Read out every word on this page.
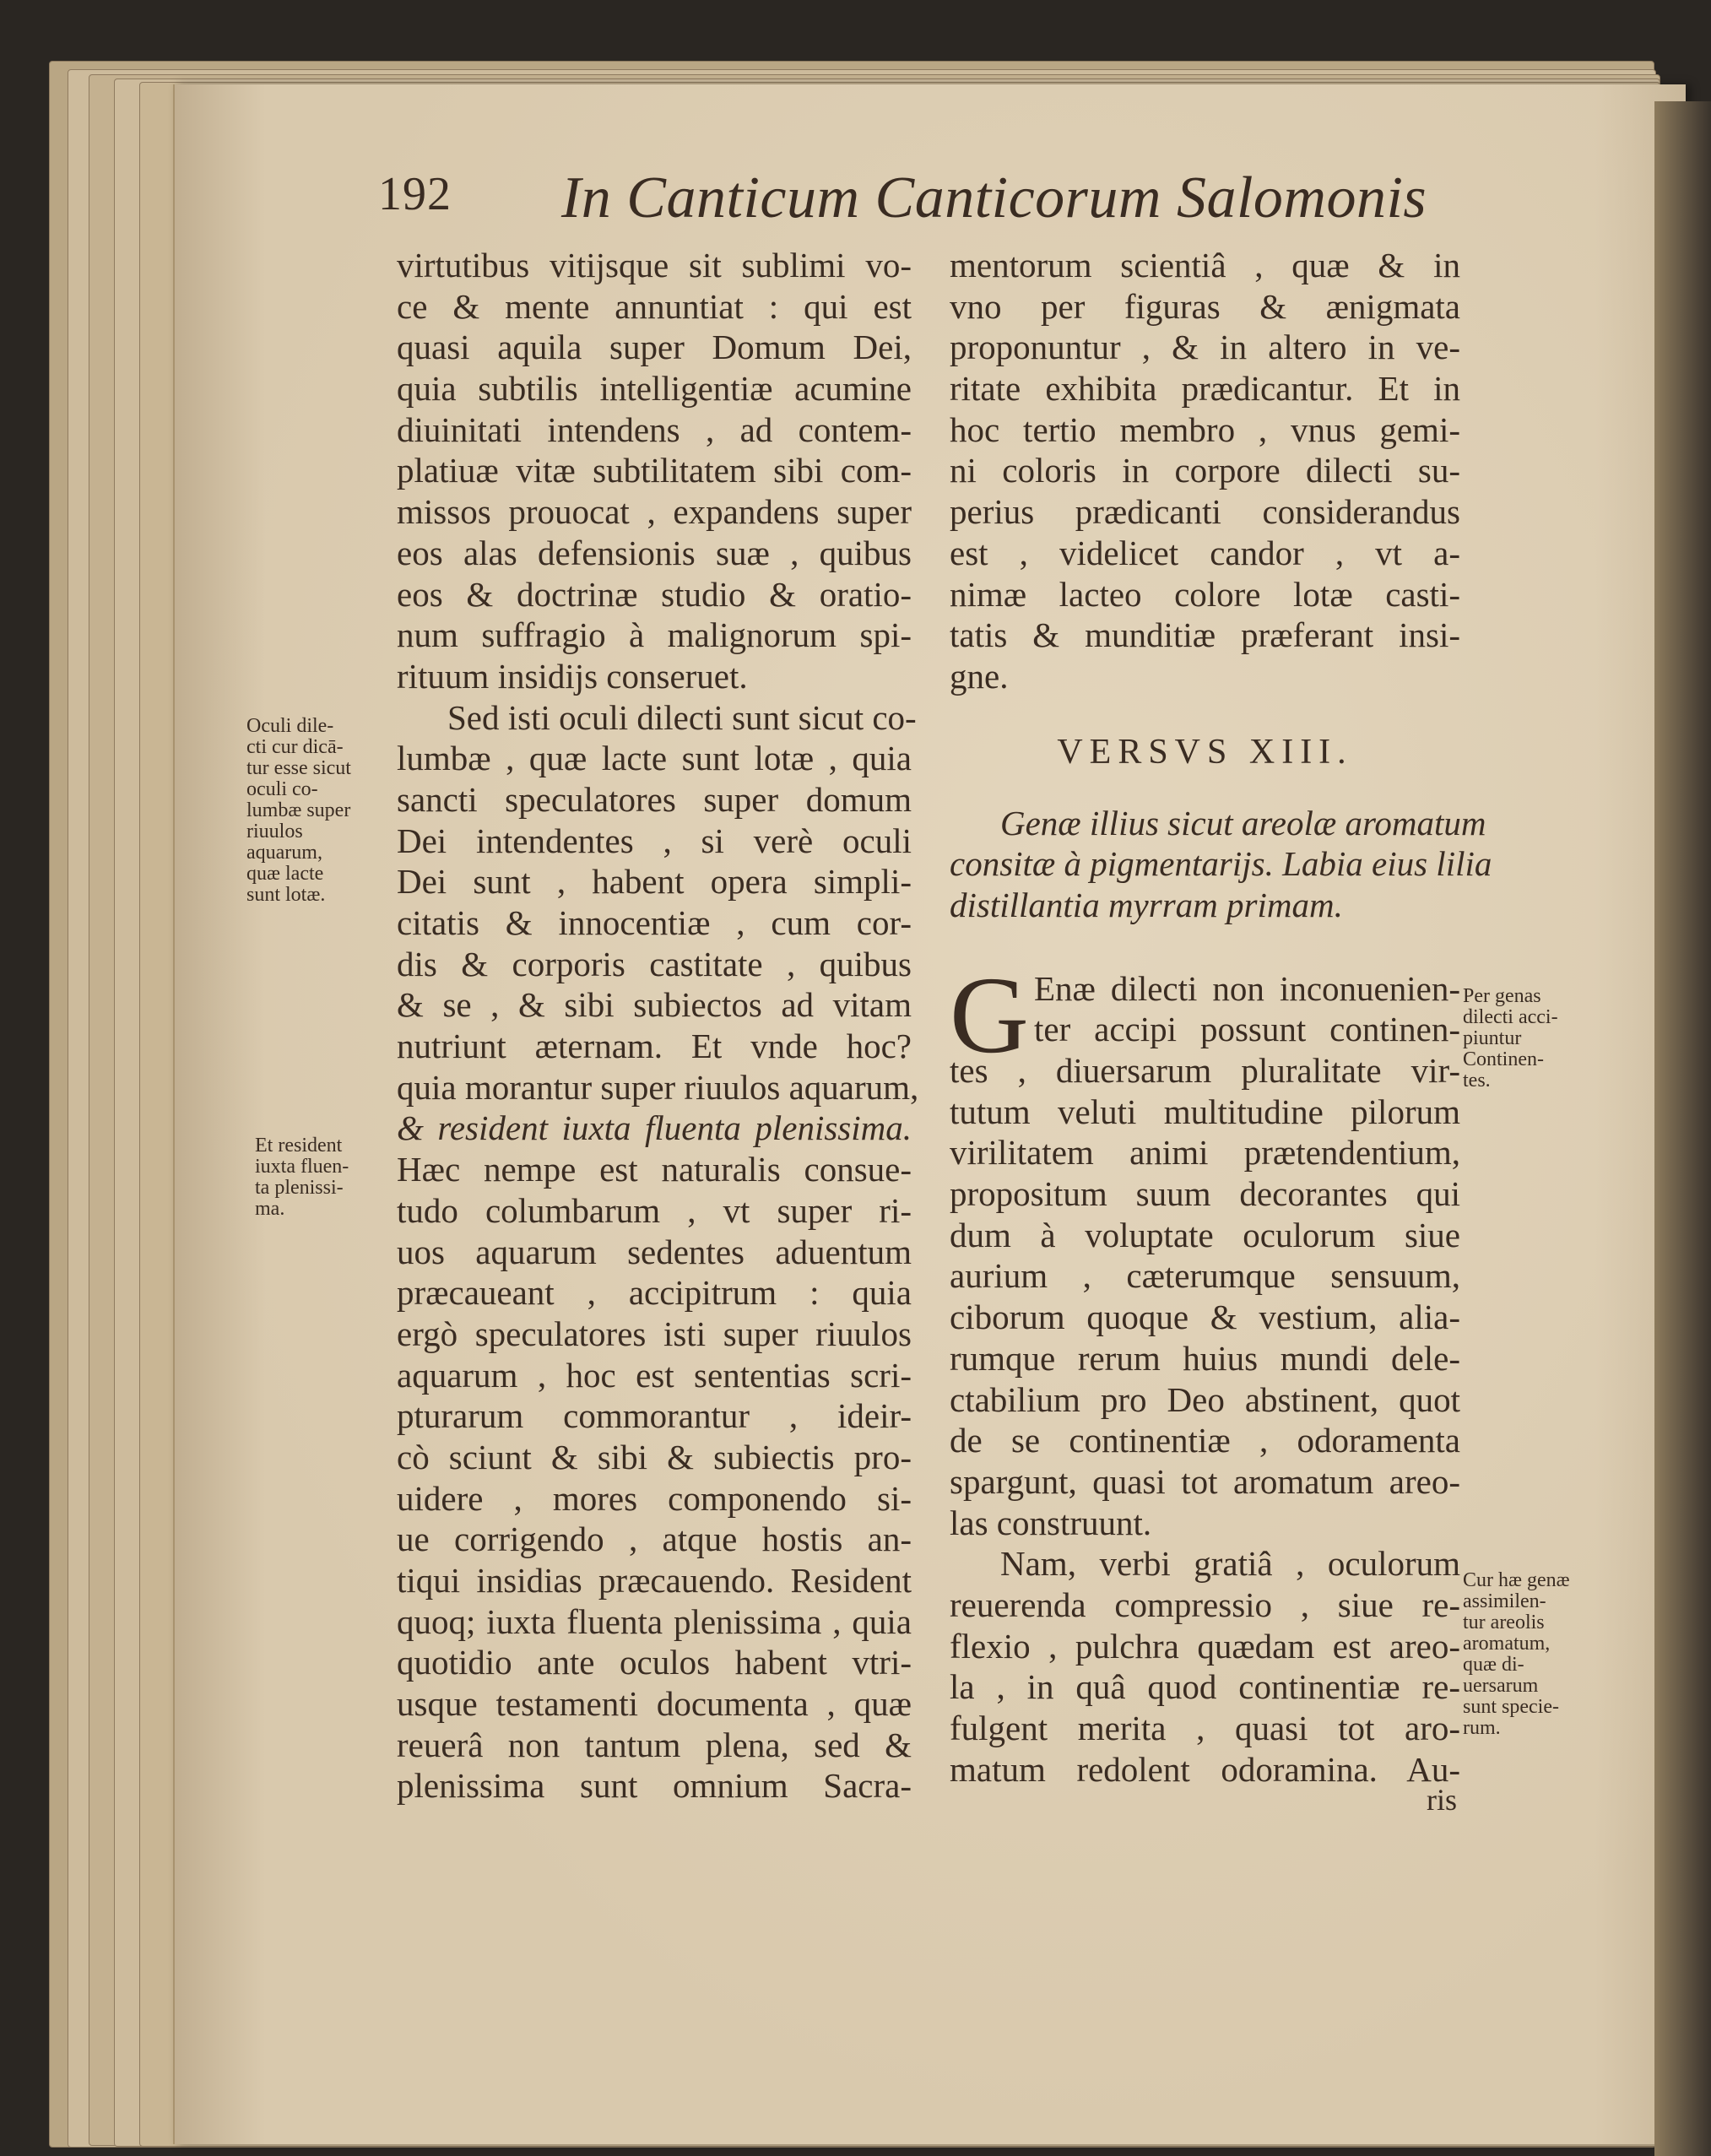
192 In Canticum Canticorum Salomonis
virtutibus vitijsque sit sublimi vo-
ce & mente annuntiat : qui est
quasi aquila super Domum Dei,
quia subtilis intelligentiæ acumine
diuinitati intendens , ad contem-
platiuæ vitæ subtilitatem sibi com-
missos prouocat , expandens super
eos alas defensionis suæ , quibus
eos & doctrinæ studio & oratio-
num suffragio à malignorum spi-
rituum insidijs conseruet.
Sed isti oculi dilecti sunt sicut co-
lumbæ , quæ lacte sunt lotæ , quia
sancti speculatores super domum
Dei intendentes , si verè oculi
Dei sunt , habent opera simpli-
citatis & innocentiæ , cum cor-
dis & corporis castitate , quibus
& se , & sibi subiectos ad vitam
nutriunt æternam. Et vnde hoc?
quia morantur super riuulos aquarum,
& resident iuxta fluenta plenissima.
Hæc nempe est naturalis consue-
tudo columbarum , vt super ri-
uos aquarum sedentes aduentum
præcaueant , accipitrum : quia
ergò speculatores isti super riuulos
aquarum , hoc est sententias scri-
pturarum commorantur , ideir-
cò sciunt & sibi & subiectis pro-
uidere , mores componendo si-
ue corrigendo , atque hostis an-
tiqui insidias præcauendo. Resident
quoq; iuxta fluenta plenissima , quia
quotidio ante oculos habent vtri-
usque testamenti documenta , quæ
reuerâ non tantum plena, sed &
plenissima sunt omnium Sacra-
mentorum scientiâ , quæ & in
vno per figuras & ænigmata
proponuntur , & in altero in ve-
ritate exhibita prædicantur. Et in
hoc tertio membro , vnus gemi-
ni coloris in corpore dilecti su-
perius prædicanti considerandus
est , videlicet candor , vt a-
nimæ lacteo colore lotæ casti-
tatis & munditiæ præferant insi-
gne.
VERSVS XIII.
Genæ illius sicut areolæ aromatum
consitæ à pigmentarijs. Labia eius lilia
distillantia myrram primam.
G Enæ dilecti non inconuenien-
ter accipi possunt continen-
tes , diuersarum pluralitate vir-
tutum veluti multitudine pilorum
virilitatem animi prætendentium,
propositum suum decorantes qui
dum à voluptate oculorum siue
aurium , cæterumque sensuum,
ciborum quoque & vestium, alia-
rumque rerum huius mundi dele-
ctabilium pro Deo abstinent, quot
de se continentiæ , odoramenta
spargunt, quasi tot aromatum areo-
las construunt.
Nam, verbi gratiâ , oculorum
reuerenda compressio , siue re-
flexio , pulchra quædam est areo-
la , in quâ quod continentiæ re-
fulgent merita , quasi tot aro-
matum redolent odoramina. Au-
ris
Oculi dile-
cti cur dicā-
tur esse sicut
oculi co-
lumbæ super
riuulos
aquarum,
quæ lacte
sunt lotæ.
Et resident
iuxta fluen-
ta plenissi-
ma.
Per genas
dilecti acci-
piuntur
Continen-
tes.
Cur hæ genæ
assimilen-
tur areolis
aromatum,
quæ di-
uersarum
sunt specie-
rum.
